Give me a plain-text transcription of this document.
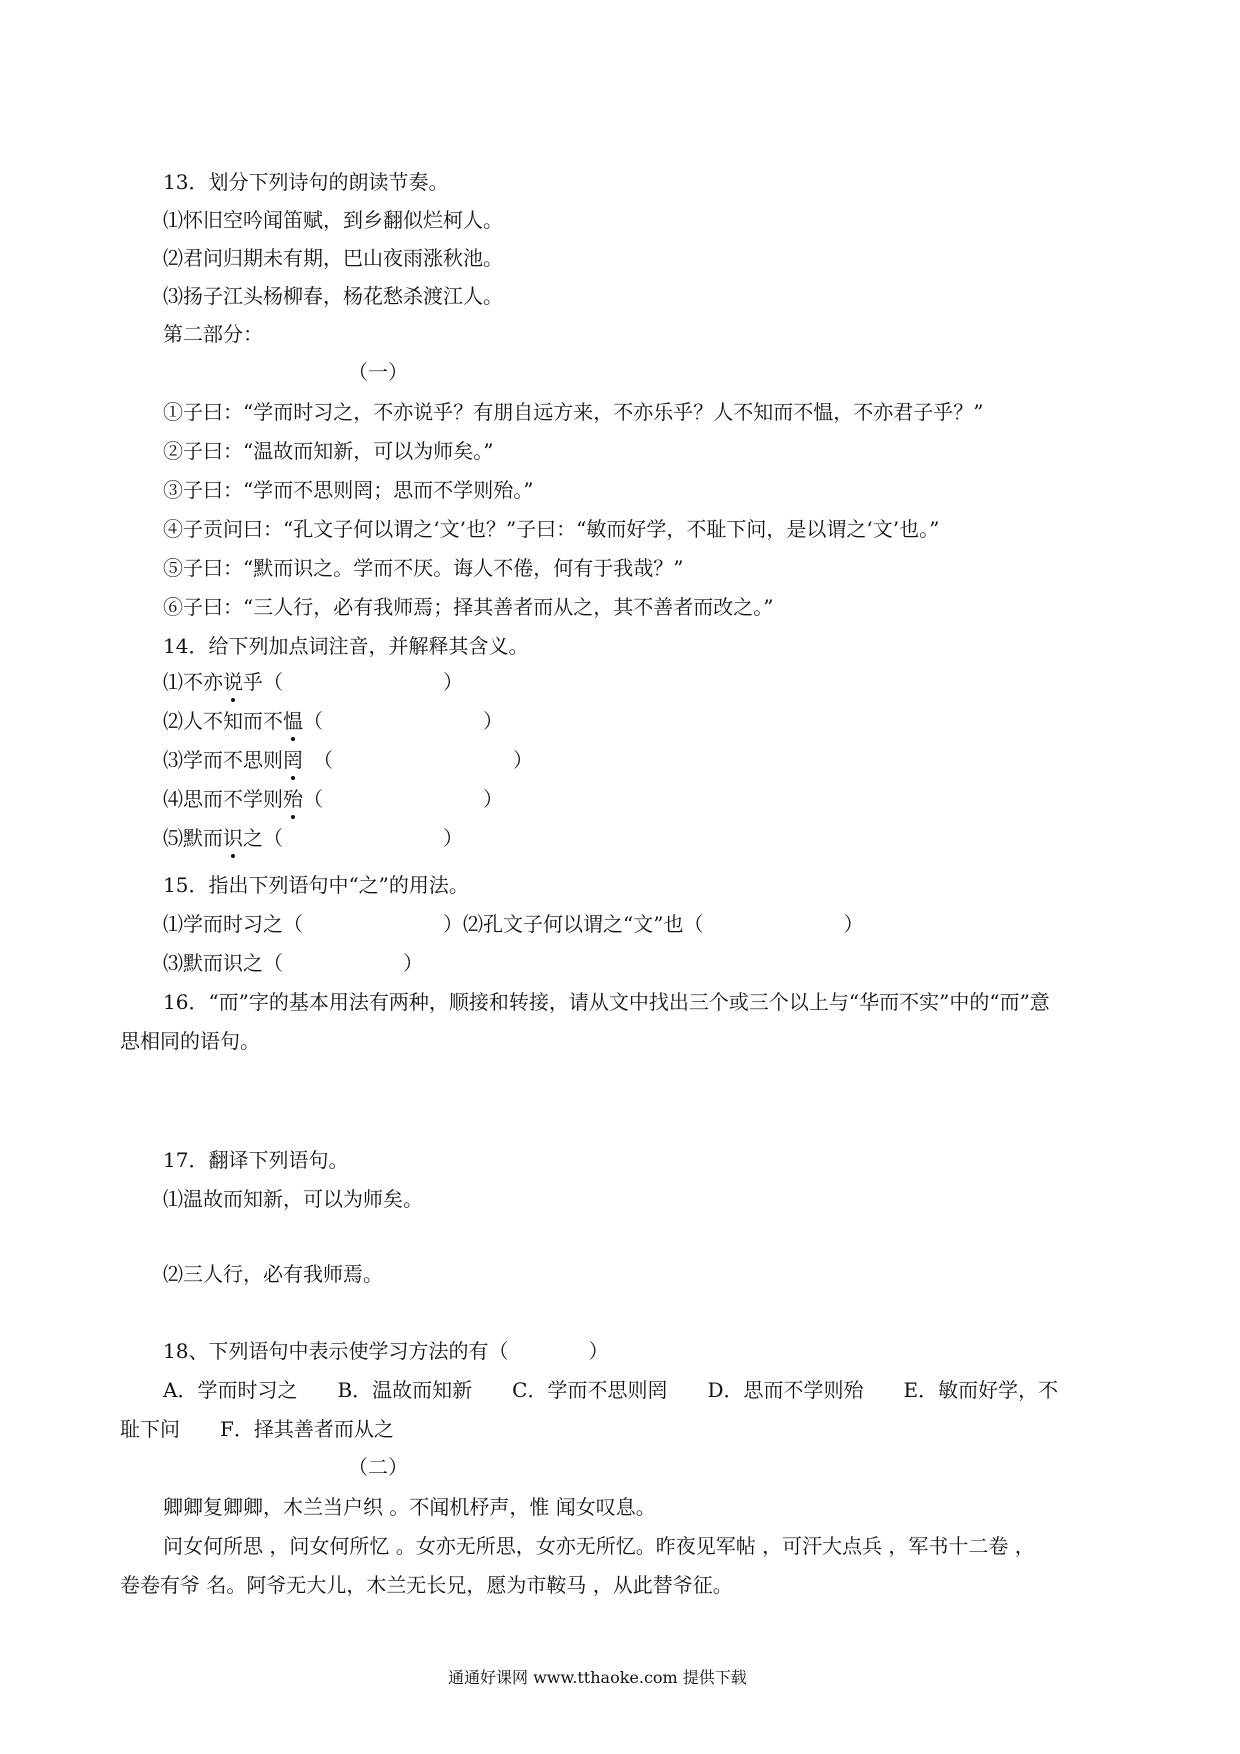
13．划分下列诗句的朗读节奏。
⑴怀旧空吟闻笛赋，到乡翻似烂柯人。
⑵君问归期未有期，巴山夜雨涨秋池。
⑶扬子江头杨柳春，杨花愁杀渡江人。
第二部分：
（一）
①子曰：“学而时习之，不亦说乎？有朋自远方来，不亦乐乎？人不知而不愠，不亦君子乎？”
②子曰：“温故而知新，可以为师矣。”
③子曰：“学而不思则罔；思而不学则殆。”
④子贡问曰：“孔文子何以谓之‘文’也？”子曰：“敏而好学，不耻下问，是以谓之‘文’也。”
⑤子曰：“默而识之。学而不厌。诲人不倦，何有于我哉？”
⑥子曰：“三人行，必有我师焉；择其善者而从之，其不善者而改之。”
14．给下列加点词注音，并解释其含义。
⑴不亦说乎（　　　　　　　　）
⑵人不知而不愠（　　　　　　　　）
⑶学而不思则罔 （　　　　　　　　　）
⑷思而不学则殆（　　　　　　　　）
⑸默而识之（　　　　　　　　）
15．指出下列语句中“之”的用法。
⑴学而时习之（　　　　　　　）⑵孔文子何以谓之“文”也（　　　　　　　）
⑶默而识之（　　　　　　）
16．“而”字的基本用法有两种，顺接和转接，请从文中找出三个或三个以上与“华而不实”中的“而”意
思相同的语句。
17．翻译下列语句。
⑴温故而知新，可以为师矣。
⑵三人行，必有我师焉。
18、下列语句中表示使学习方法的有（　　　　）
A．学而时习之　　B．温故而知新　　C．学而不思则罔　　D．思而不学则殆　　E．敏而好学，不
耻下问　　F．择其善者而从之
（二）
卿卿复卿卿，木兰当户织 。不闻机杼声，惟 闻女叹息。
问女何所思 ，问女何所忆 。女亦无所思，女亦无所忆。昨夜见军帖 ，可汗大点兵 ，军书十二卷 ，
卷卷有爷 名。阿爷无大儿，木兰无长兄，愿为市鞍马 ，从此替爷征。
通通好课网 www.tthaoke.com 提供下载
